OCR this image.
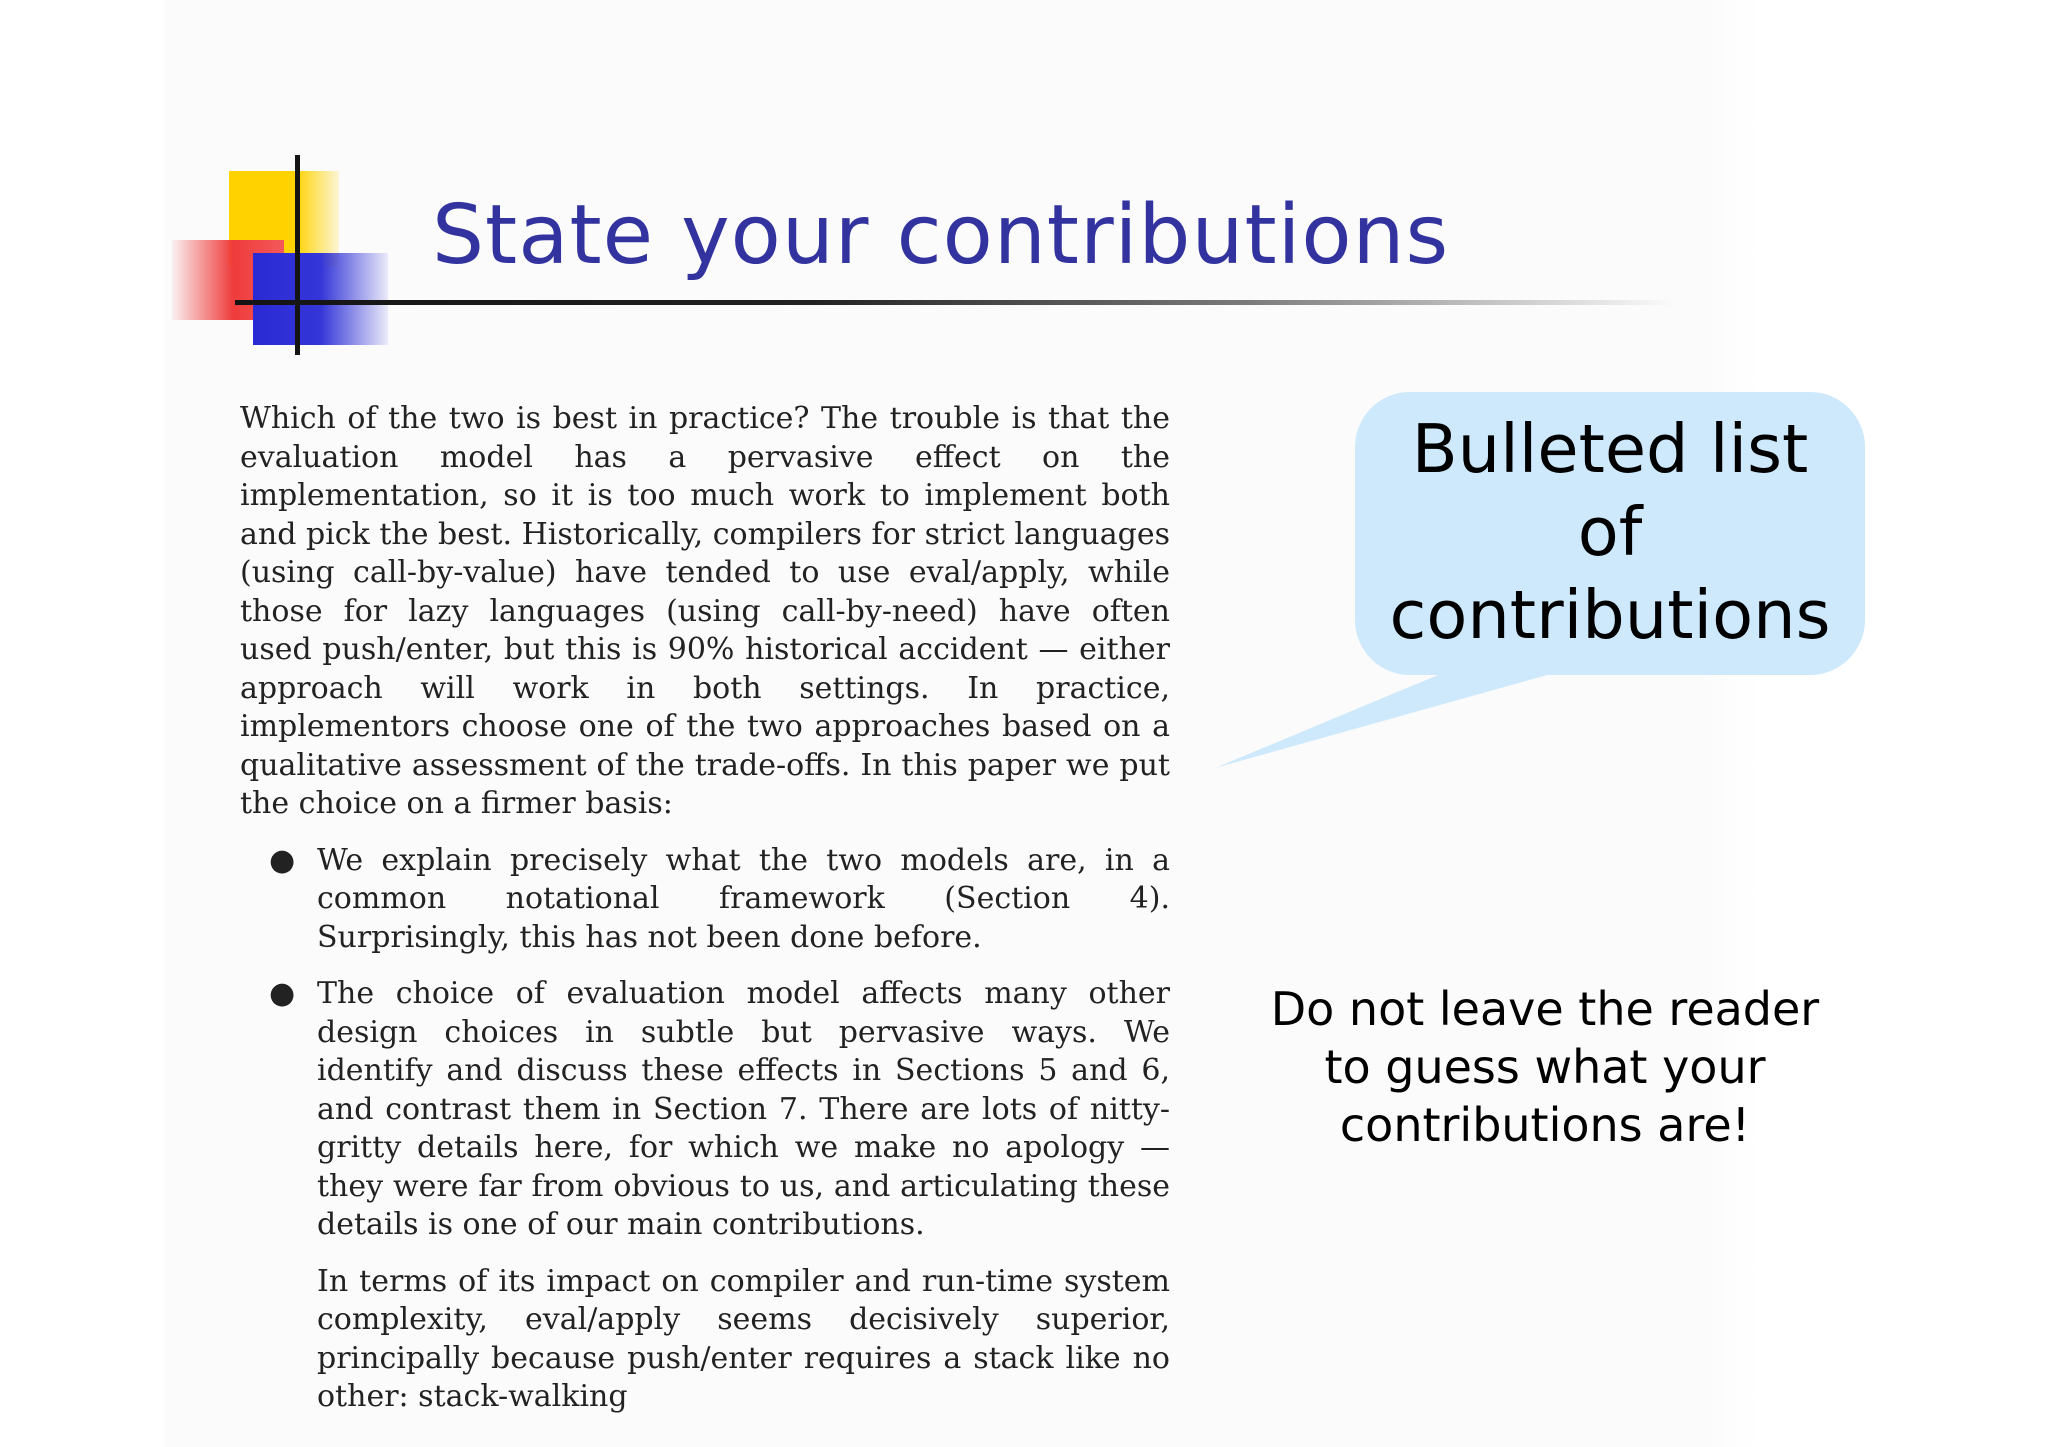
State your contributions

Which of the two is best in practice? The trouble is that the evaluation model has a pervasive effect on the implementation, so it is too much work to implement both and pick the best. Historically, compilers for strict languages (using call-by-value) have tended to use eval/apply, while those for lazy languages (using call-by-need) have often used push/enter, but this is 90% historical accident — either approach will work in both settings. In practice, implementors choose one of the two approaches based on a qualitative assessment of the trade-offs. In this paper we put the choice on a firmer basis:

● We explain precisely what the two models are, in a common notational framework (Section 4). Surprisingly, this has not been done before.
● The choice of evaluation model affects many other design choices in subtle but pervasive ways. We identify and discuss these effects in Sections 5 and 6, and contrast them in Section 7. There are lots of nitty-gritty details here, for which we make no apology — they were far from obvious to us, and articulating these details is one of our main contributions.

In terms of its impact on compiler and run-time system complexity, eval/apply seems decisively superior, principally because push/enter requires a stack like no other: stack-walking

Bulleted list of contributions

Do not leave the reader to guess what your contributions are!
